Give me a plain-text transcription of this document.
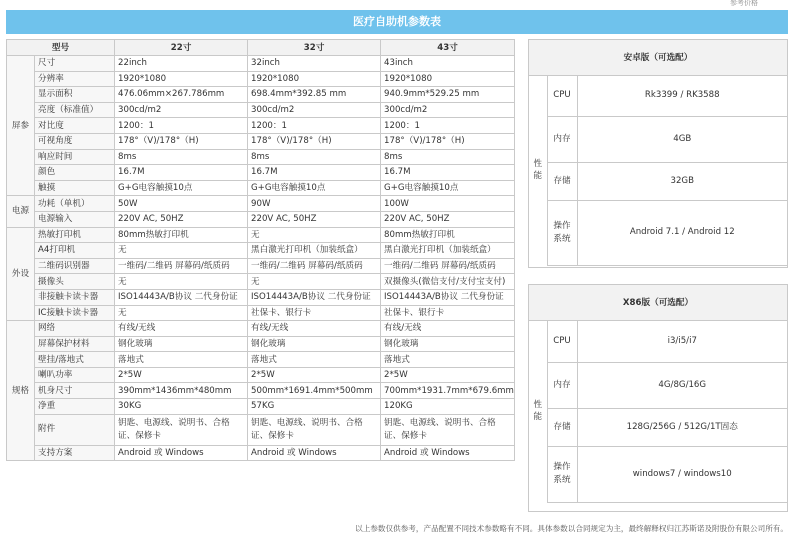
参考价格
医疗自助机参数表
型号		22寸	32寸	43寸
屏参	尺寸	22inch	32inch	43inch
	分辨率	1920*1080	1920*1080	1920*1080
	显示面积	476.06mm×267.786mm	698.4mm*392.85 mm	940.9mm*529.25 mm
	亮度（标准值）	300cd/m2	300cd/m2	300cd/m2
	对比度	1200：1	1200：1	1200：1
	可视角度	178°（V)/178°（H)	178°（V)/178°（H)	178°（V)/178°（H)
	响应时间	8ms	8ms	8ms
	颜色	16.7M	16.7M	16.7M
	触摸	G+G电容触摸10点	G+G电容触摸10点	G+G电容触摸10点
电源	功耗（单机）	50W	90W	100W
	电源输入	220V AC, 50HZ	220V AC, 50HZ	220V AC, 50HZ
外设	热敏打印机	80mm热敏打印机	无	80mm热敏打印机
	A4打印机	无	黑白激光打印机（加装纸盒）	黑白激光打印机（加装纸盒）
	二维码识别器	一维码/二维码 屏幕码/纸质码	一维码/二维码 屏幕码/纸质码	一维码/二维码 屏幕码/纸质码
	摄像头	无	无	双摄像头(微信支付/支付宝支付)
	非接触卡读卡器	ISO14443A/B协议 二代身份证	ISO14443A/B协议 二代身份证	ISO14443A/B协议 二代身份证
	IC接触卡读卡器	无	社保卡、银行卡	社保卡、银行卡
规格	网络	有线/无线	有线/无线	有线/无线
	屏幕保护材料	钢化玻璃	钢化玻璃	钢化玻璃
	壁挂/落地式	落地式	落地式	落地式
	喇叭功率	2*5W	2*5W	2*5W
	机身尺寸	390mm*1436mm*480mm	500mm*1691.4mm*500mm	700mm*1931.7mm*679.6mm
	净重	30KG	57KG	120KG
	附件	钥匙、电源线、说明书、合格证、保修卡	钥匙、电源线、说明书、合格证、保修卡	钥匙、电源线、说明书、合格证、保修卡
	支持方案	Android 或 Windows	Android 或 Windows	Android 或 Windows
安卓版（可选配）
性能	CPU	Rk3399 / RK3588
	内存	4GB
	存储	32GB
	操作系统	Android 7.1 / Android 12
X86版（可选配）
性能	CPU	i3/i5/i7
	内存	4G/8G/16G
	存储	128G/256G / 512G/1T固态
	操作系统	windows7 / windows10
以上参数仅供参考，产品配置不同技术参数略有不同。具体参数以合同规定为主，最终解释权归江苏斯诺及附股份有限公司所有。
